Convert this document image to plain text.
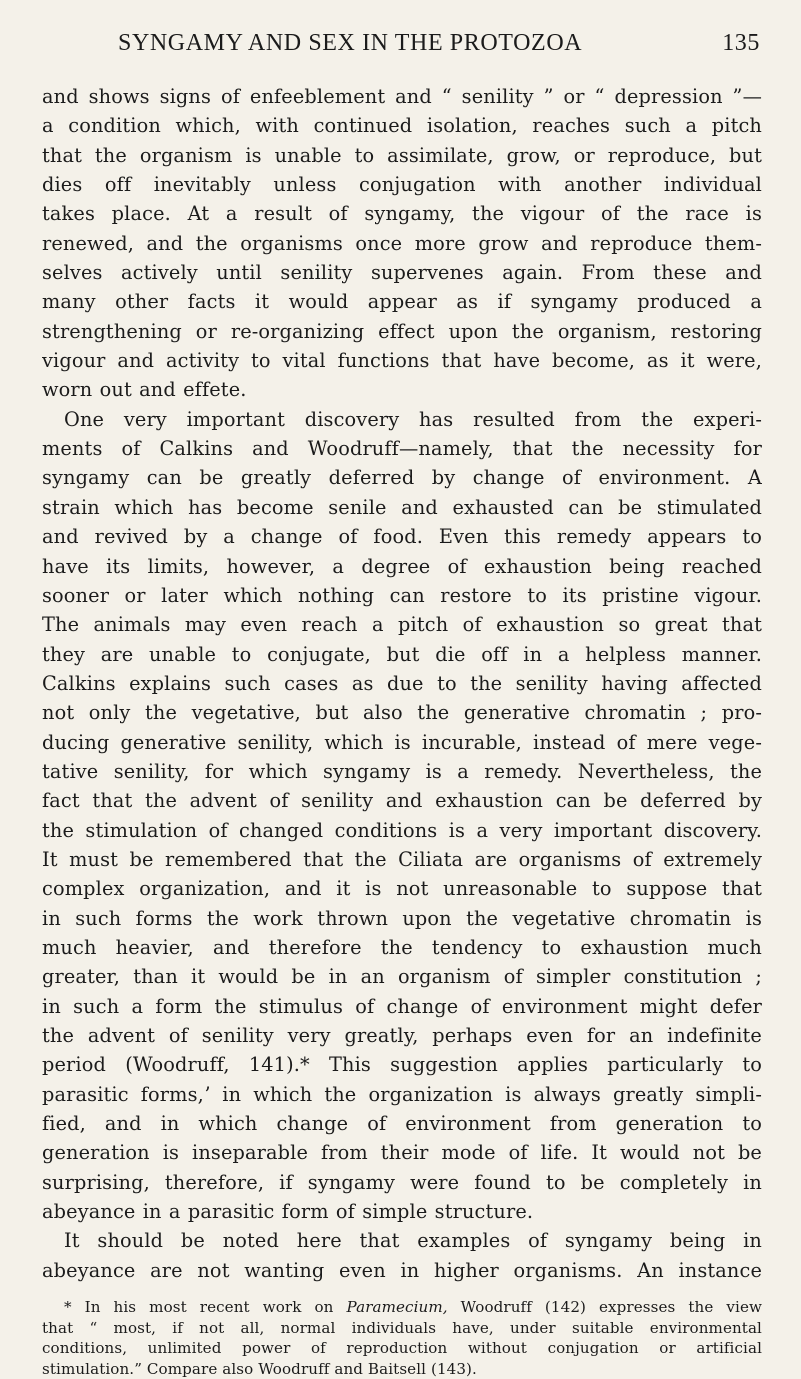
SYNGAMY AND SEX IN THE PROTOZOA	135
and shows signs of enfeeblement and “ senility ” or “ depression ”—
a condition which, with continued isolation, reaches such a pitch
that the organism is unable to assimilate, grow, or reproduce, but
dies off inevitably unless conjugation with another individual
takes place. At a result of syngamy, the vigour of the race is
renewed, and the organisms once more grow and reproduce them-
selves actively until senility supervenes again. From these and
many other facts it would appear as if syngamy produced a
strengthening or re-organizing effect upon the organism, restoring
vigour and activity to vital functions that have become, as it were,
worn out and effete.
One very important discovery has resulted from the experi-
ments of Calkins and Woodruff—namely, that the necessity for
syngamy can be greatly deferred by change of environment. A
strain which has become senile and exhausted can be stimulated
and revived by a change of food. Even this remedy appears to
have its limits, however, a degree of exhaustion being reached
sooner or later which nothing can restore to its pristine vigour.
The animals may even reach a pitch of exhaustion so great that
they are unable to conjugate, but die off in a helpless manner.
Calkins explains such cases as due to the senility having affected
not only the vegetative, but also the generative chromatin ; pro-
ducing generative senility, which is incurable, instead of mere vege-
tative senility, for which syngamy is a remedy. Nevertheless, the
fact that the advent of senility and exhaustion can be deferred by
the stimulation of changed conditions is a very important discovery.
It must be remembered that the Ciliata are organisms of extremely
complex organization, and it is not unreasonable to suppose that
in such forms the work thrown upon the vegetative chromatin is
much heavier, and therefore the tendency to exhaustion much
greater, than it would be in an organism of simpler constitution ;
in such a form the stimulus of change of environment might defer
the advent of senility very greatly, perhaps even for an indefinite
period (Woodruff, 141).* This suggestion applies particularly to
parasitic forms,ʼ in which the organization is always greatly simpli-
fied, and in which change of environment from generation to
generation is inseparable from their mode of life. It would not be
surprising, therefore, if syngamy were found to be completely in
abeyance in a parasitic form of simple structure.
It should be noted here that examples of syngamy being in
abeyance are not wanting even in higher organisms. An instance
* In his most recent work on Paramecium, Woodruff (142) expresses the view
that “ most, if not all, normal individuals have, under suitable environmental
conditions, unlimited power of reproduction without conjugation or artificial
stimulation.” Compare also Woodruff and Baitsell (143).
